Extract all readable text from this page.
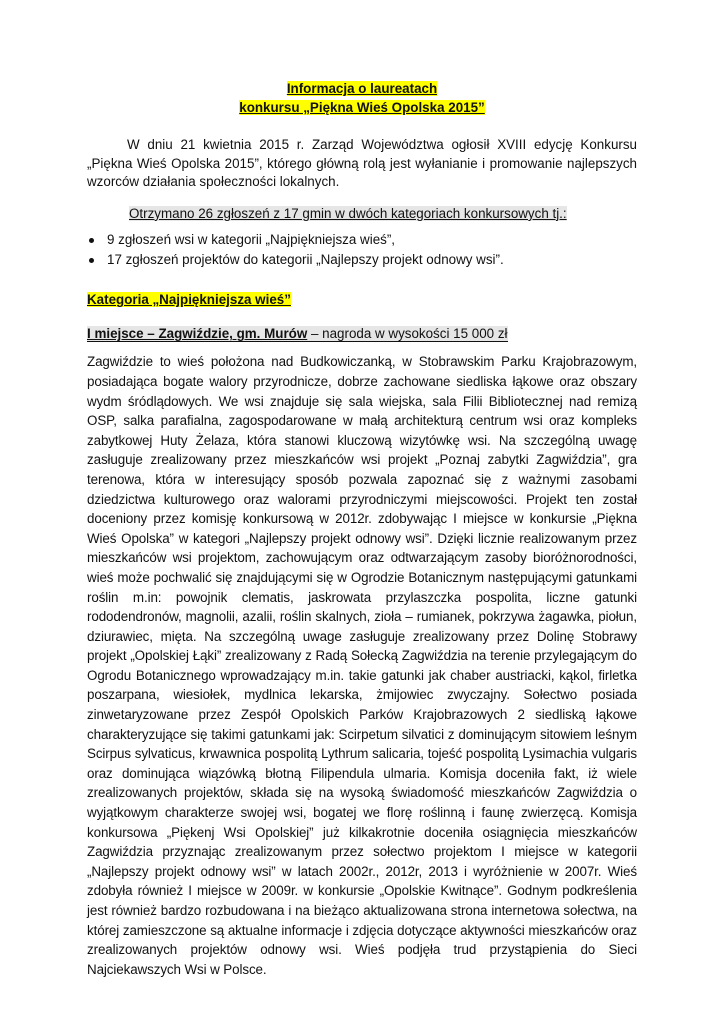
Informacja o laureatach
konkursu „Piękna Wieś Opolska 2015”

W dniu 21 kwietnia 2015 r. Zarząd Województwa ogłosił XVIII edycję Konkursu „Piękna Wieś Opolska 2015”, którego główną rolą jest wyłanianie i promowanie najlepszych wzorców działania społeczności lokalnych.

Otrzymano 26 zgłoszeń z 17 gmin w dwóch kategoriach konkursowych tj.:
9 zgłoszeń wsi w kategorii „Najpiękniejsza wieś”,
17 zgłoszeń projektów do kategorii „Najlepszy projekt odnowy wsi”.
Kategoria „Najpiękniejsza wieś”
I miejsce – Zagwiździe, gm. Murów – nagroda w wysokości 15 000 zł

Zagwiździe to wieś położona nad Budkowiczanką, w Stobrawskim Parku Krajobrazowym, posiadająca bogate walory przyrodnicze, dobrze zachowane siedliska łąkowe oraz obszary wydm śródlądowych. We wsi znajduje się sala wiejska, sala Filii Bibliotecznej nad remizą OSP, salka parafialna, zagospodarowane w małą architekturą centrum wsi oraz kompleks zabytkowej Huty Żelaza, która stanowi kluczową wizytówkę wsi. Na szczególną uwagę zasługuje zrealizowany przez mieszkańców wsi projekt „Poznaj zabytki Zagwiździa”, gra terenowa, która w interesujący sposób pozwala zapoznać się z ważnymi zasobami dziedzictwa kulturowego oraz walorami przyrodniczymi miejscowości. Projekt ten został doceniony przez komisję konkursową w 2012r. zdobywając I miejsce w konkursie „Piękna Wieś Opolska” w kategori „Najlepszy projekt odnowy wsi”. Dzięki licznie realizowanym przez mieszkańców wsi projektom, zachowującym oraz odtwarzającym zasoby bioróżnorodności, wieś może pochwalić się znajdującymi się w Ogrodzie Botanicznym następującymi gatunkami roślin m.in: powojnik clematis, jaskrowata przylaszczka pospolita, liczne gatunki rododendronów, magnolii, azalii, roślin skalnych, zioła – rumianek, pokrzywa żagawka, piołun, dziurawiec, mięta. Na szczególną uwage zasługuje zrealizowany przez Dolinę Stobrawy projekt „Opolskiej Łąki” zrealizowany z Radą Sołecką Zagwiździa na terenie przylegającym do Ogrodu Botanicznego wprowadzający m.in. takie gatunki jak chaber austriacki, kąkol, firletka poszarpana, wiesiołek, mydlnica lekarska, żmijowiec zwyczajny. Sołectwo posiada zinwetaryzowane przez Zespół Opolskich Parków Krajobrazowych 2 siedliską łąkowe charakteryzujące się takimi gatunkami jak: Scirpetum silvatici z dominującym sitowiem leśnym Scirpus sylvaticus, krwawnica pospolitą Lythrum salicaria, tojeść pospolitą Lysimachia vulgaris oraz dominująca wiązówką błotną Filipendula ulmaria. Komisja doceniła fakt, iż wiele zrealizowanych projektów, składa się na wysoką świadomość mieszkańców Zagwiździa o wyjątkowym charakterze swojej wsi, bogatej we florę roślinną i faunę zwierzęcą. Komisja konkursowa „Piękenj Wsi Opolskiej” już kilkakrotnie doceniła osiągnięcia mieszkańców Zagwiździa przyznając zrealizowanym przez sołectwo projektom I miejsce w kategorii „Najlepszy projekt odnowy wsi” w latach 2002r., 2012r, 2013 i wyróżnienie w 2007r. Wieś zdobyła również I miejsce w 2009r. w konkursie „Opolskie Kwitnące”. Godnym podkreślenia jest również bardzo rozbudowana i na bieżąco aktualizowana strona internetowa sołectwa, na której zamieszczone są aktualne informacje i zdjęcia dotyczące aktywności mieszkańców oraz zrealizowanych projektów odnowy wsi. Wieś podjęła trud przystąpienia do Sieci Najciekawszych Wsi w Polsce.
